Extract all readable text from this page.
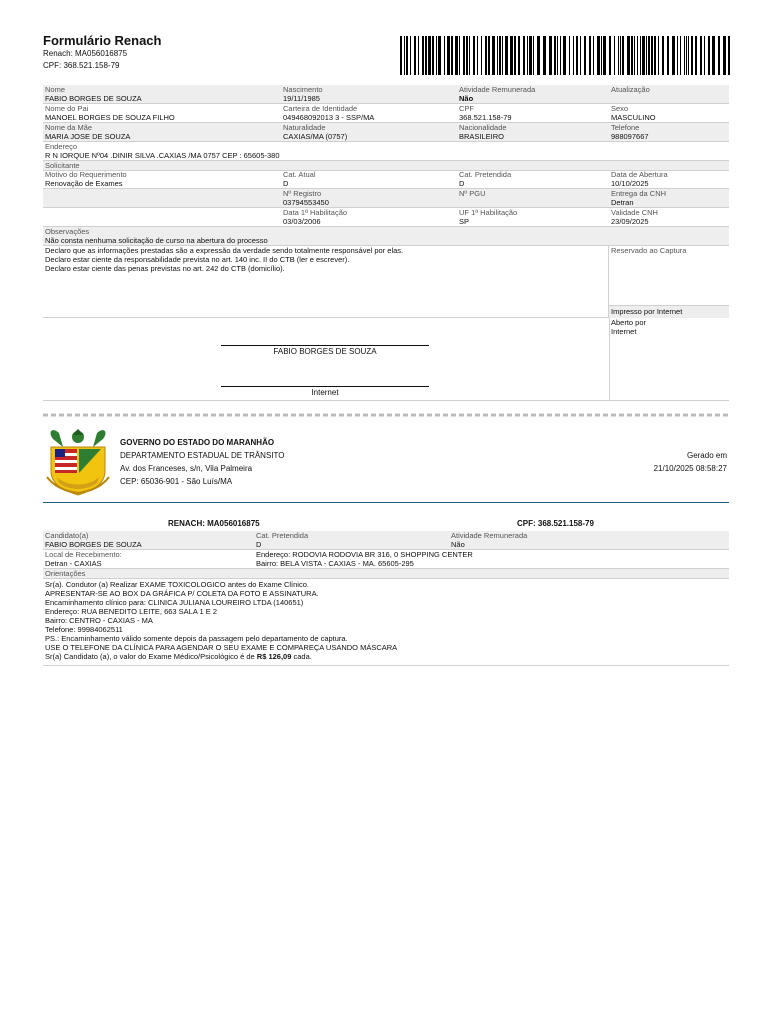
Formulário Renach
Renach: MA056016875
CPF: 368.521.158-79
Nome
FABIO BORGES DE SOUZA
Nascimento
19/11/1985
Atividade Remunerada
Não
Atualização
Nome do Pai
MANOEL BORGES DE SOUZA FILHO
Carteira de Identidade
049468092013 3 - SSP/MA
CPF
368.521.158-79
Sexo
MASCULINO
Nome da Mãe
MARIA JOSE DE SOUZA
Naturalidade
CAXIAS/MA (0757)
Nacionalidade
BRASILEIRO
Telefone
988097667
Endereço
R N IORQUE Nº04 .DINIR SILVA .CAXIAS /MA 0757 CEP : 65605-380
Solicitante
Motivo do Requerimento
Renovação de Exames
Cat. Atual
D
Cat. Pretendida
D
Data de Abertura
10/10/2025
Nº Registro
03794553450
Nº PGU	Entrega da CNH
Detran
Data 1ª Habilitação
03/03/2006
UF 1ª Habilitação
SP
Validade CNH
23/09/2025
Observações
Não consta nenhuma solicitação de curso na abertura do processo
Declaro que as informações prestadas são a expressão da verdade sendo totalmente responsável por elas.
Declaro estar ciente da responsabilidade prevista no art. 140 inc. II do CTB (ler e escrever).
Declaro estar ciente das penas previstas no art. 242 do CTB (domicílio).
Reservado ao Captura
Impresso por Internet
FABIO BORGES DE SOUZA
Internet
Aberto por
Internet
GOVERNO DO ESTADO DO MARANHÃO
DEPARTAMENTO ESTADUAL DE TRÂNSITO
Av. dos Franceses, s/n, Vila Palmeira
CEP: 65036-901 - São Luís/MA
Gerado em
21/10/2025 08:58:27
RENACH: MA056016875	CPF: 368.521.158-79
Candidato(a)
FABIO BORGES DE SOUZA
Cat. Pretendida
D
Atividade Remunerada
Não
Local de Recebimento:
Detran - CAXIAS
Endereço: RODOVIA RODOVIA BR 316, 0 SHOPPING CENTER
Bairro: BELA VISTA - CAXIAS - MA. 65605-295
Orientações
Sr(a). Condutor (a) Realizar EXAME TOXICOLOGICO antes do Exame Clínico.
APRESENTAR-SE AO BOX DA GRÁFICA P/ COLETA DA FOTO E ASSINATURA.
Encaminhamento clínico para: CLINICA JULIANA LOUREIRO LTDA (140651)
Endereço: RUA BENEDITO LEITE, 663 SALA 1 E 2
Bairro: CENTRO - CAXIAS - MA
Telefone: 99984062511
PS.: Encaminhamento válido somente depois da passagem pelo departamento de captura.
USE O TELEFONE DA CLÍNICA PARA AGENDAR O SEU EXAME E COMPAREÇA USANDO MÁSCARA
Sr(a) Candidato (a), o valor do Exame Médico/Psicológico é de R$ 126,09 cada.
